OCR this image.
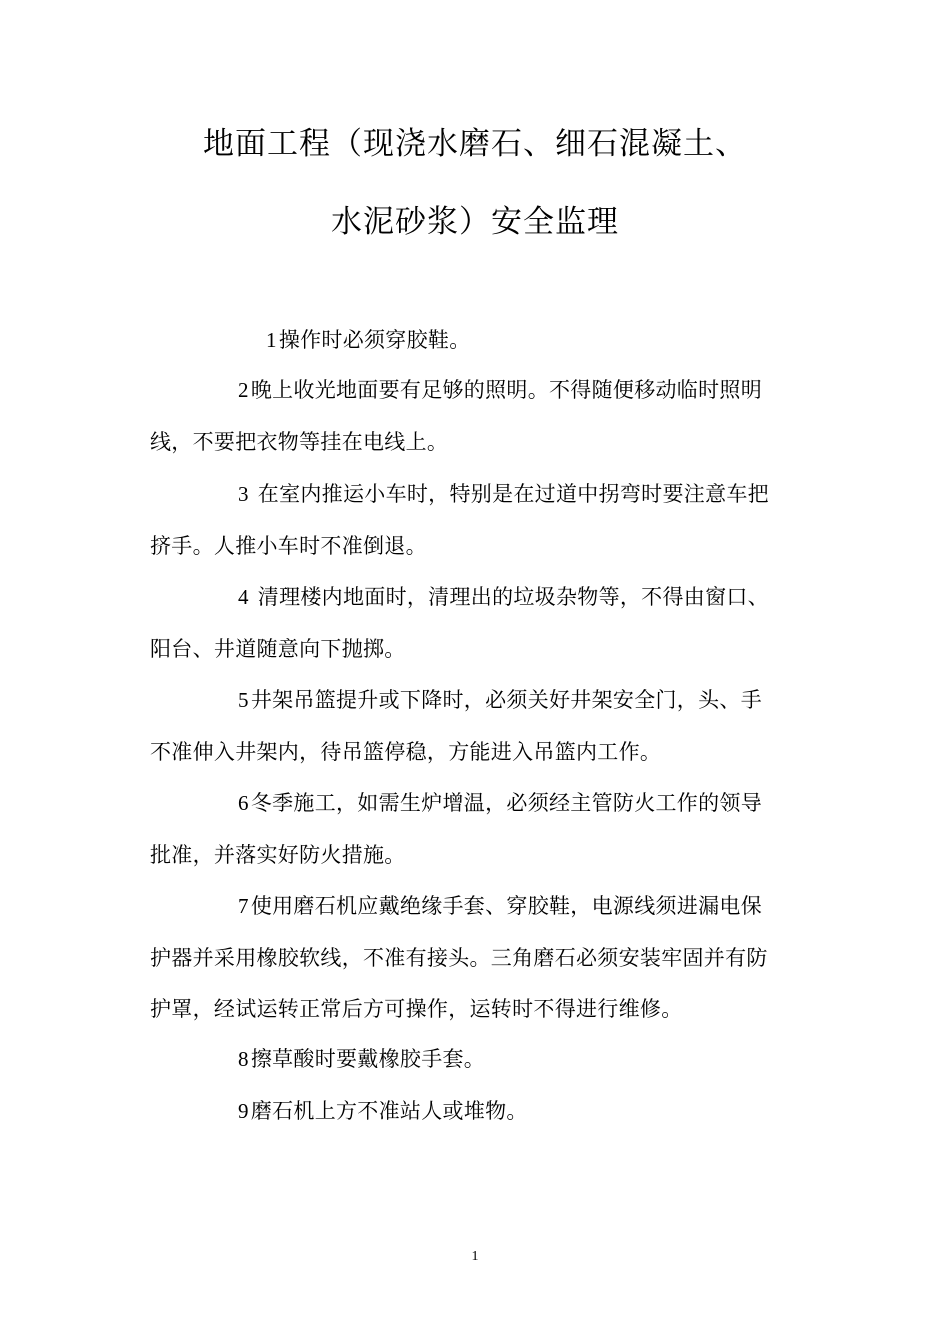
地面工程（现浇水磨石、细石混凝土、
水泥砂浆）安全监理
1操作时必须穿胶鞋。
2晚上收光地面要有足够的照明。不得随便移动临时照明
线，不要把衣物等挂在电线上。
3 在室内推运小车时，特别是在过道中拐弯时要注意车把
挤手。人推小车时不准倒退。
4 清理楼内地面时，清理出的垃圾杂物等，不得由窗口、
阳台、井道随意向下抛掷。
5井架吊篮提升或下降时，必须关好井架安全门，头、手
不准伸入井架内，待吊篮停稳，方能进入吊篮内工作。
6冬季施工，如需生炉增温，必须经主管防火工作的领导
批准，并落实好防火措施。
7使用磨石机应戴绝缘手套、穿胶鞋，电源线须进漏电保
护器并采用橡胶软线，不准有接头。三角磨石必须安装牢固并有防
护罩，经试运转正常后方可操作，运转时不得进行维修。
8擦草酸时要戴橡胶手套。
9磨石机上方不准站人或堆物。
1
